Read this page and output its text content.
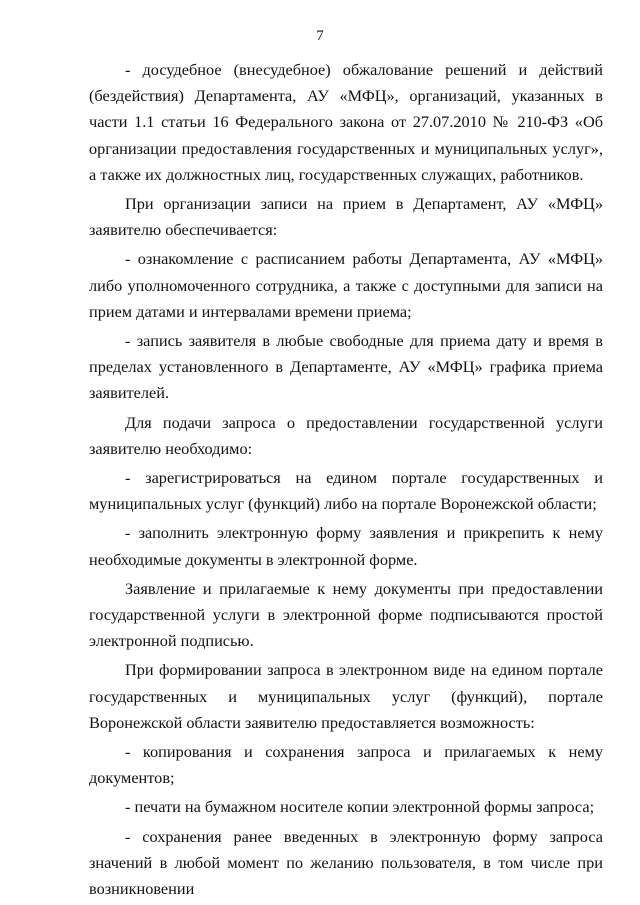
7

- досудебное (внесудебное) обжалование решений и действий (бездействия) Департамента, АУ «МФЦ», организаций, указанных в части 1.1 статьи 16 Федерального закона от 27.07.2010 № 210-ФЗ «Об организации предоставления государственных и муниципальных услуг», а также их должностных лиц, государственных служащих, работников.

При организации записи на прием в Департамент, АУ «МФЦ» заявителю обеспечивается:

- ознакомление с расписанием работы Департамента, АУ «МФЦ» либо уполномоченного сотрудника, а также с доступными для записи на прием датами и интервалами времени приема;

- запись заявителя в любые свободные для приема дату и время в пределах установленного в Департаменте, АУ «МФЦ» графика приема заявителей.

Для подачи запроса о предоставлении государственной услуги заявителю необходимо:

- зарегистрироваться на едином портале государственных и муниципальных услуг (функций) либо на портале Воронежской области;

- заполнить электронную форму заявления и прикрепить к нему необходимые документы в электронной форме.

Заявление и прилагаемые к нему документы при предоставлении государственной услуги в электронной форме подписываются простой электронной подписью.

При формировании запроса в электронном виде на едином портале государственных и муниципальных услуг (функций), портале Воронежской области заявителю предоставляется возможность:

- копирования и сохранения запроса и прилагаемых к нему документов;

- печати на бумажном носителе копии электронной формы запроса;

- сохранения ранее введенных в электронную форму запроса значений в любой момент по желанию пользователя, в том числе при возникновении
